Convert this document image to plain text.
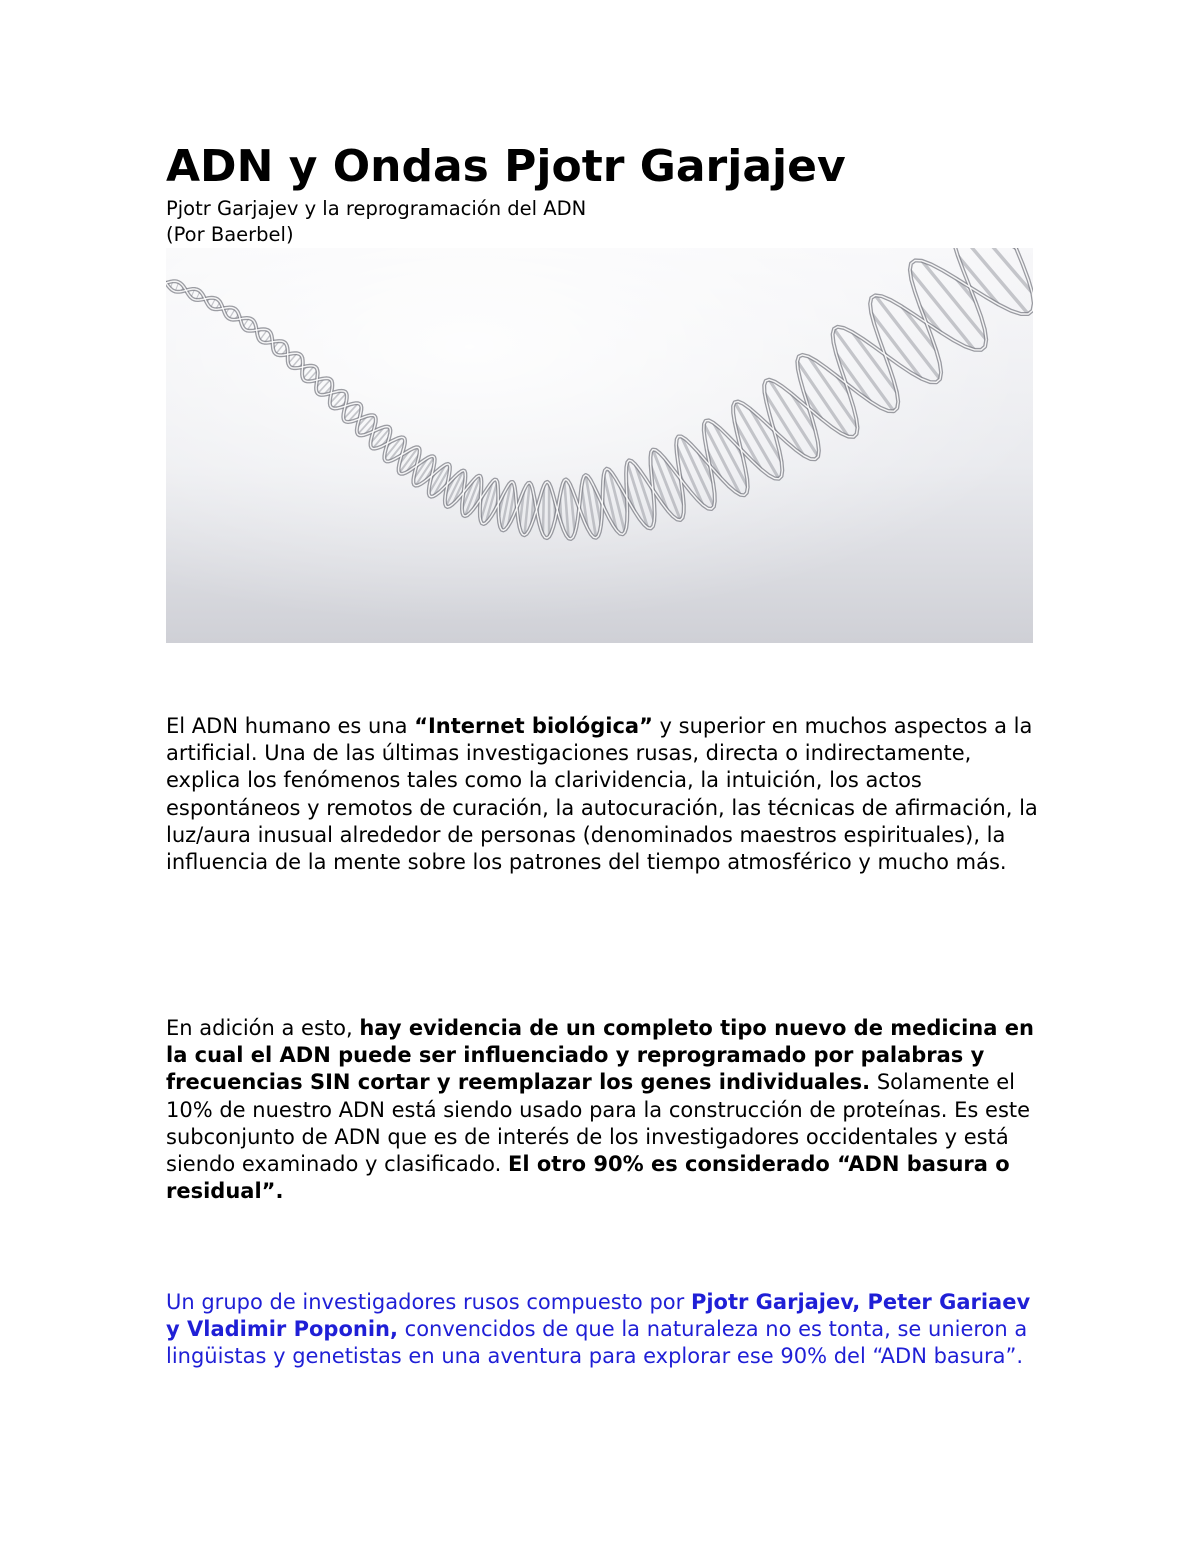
ADN y Ondas Pjotr Garjajev
Pjotr Garjajev y la reprogramación del ADN
(Por Baerbel)

El ADN humano es una “Internet biológica” y superior en muchos aspectos a la artificial. Una de las últimas investigaciones rusas, directa o indirectamente, explica los fenómenos tales como la clarividencia, la intuición, los actos espontáneos y remotos de curación, la autocuración, las técnicas de afirmación, la luz/aura inusual alrededor de personas (denominados maestros espirituales), la influencia de la mente sobre los patrones del tiempo atmosférico y mucho más.

En adición a esto, hay evidencia de un completo tipo nuevo de medicina en la cual el ADN puede ser influenciado y reprogramado por palabras y frecuencias SIN cortar y reemplazar los genes individuales. Solamente el 10% de nuestro ADN está siendo usado para la construcción de proteínas. Es este subconjunto de ADN que es de interés de los investigadores occidentales y está siendo examinado y clasificado. El otro 90% es considerado “ADN basura o residual”.

Un grupo de investigadores rusos compuesto por Pjotr Garjajev, Peter Gariaev y Vladimir Poponin, convencidos de que la naturaleza no es tonta, se unieron a lingüistas y genetistas en una aventura para explorar ese 90% del “ADN basura”.
